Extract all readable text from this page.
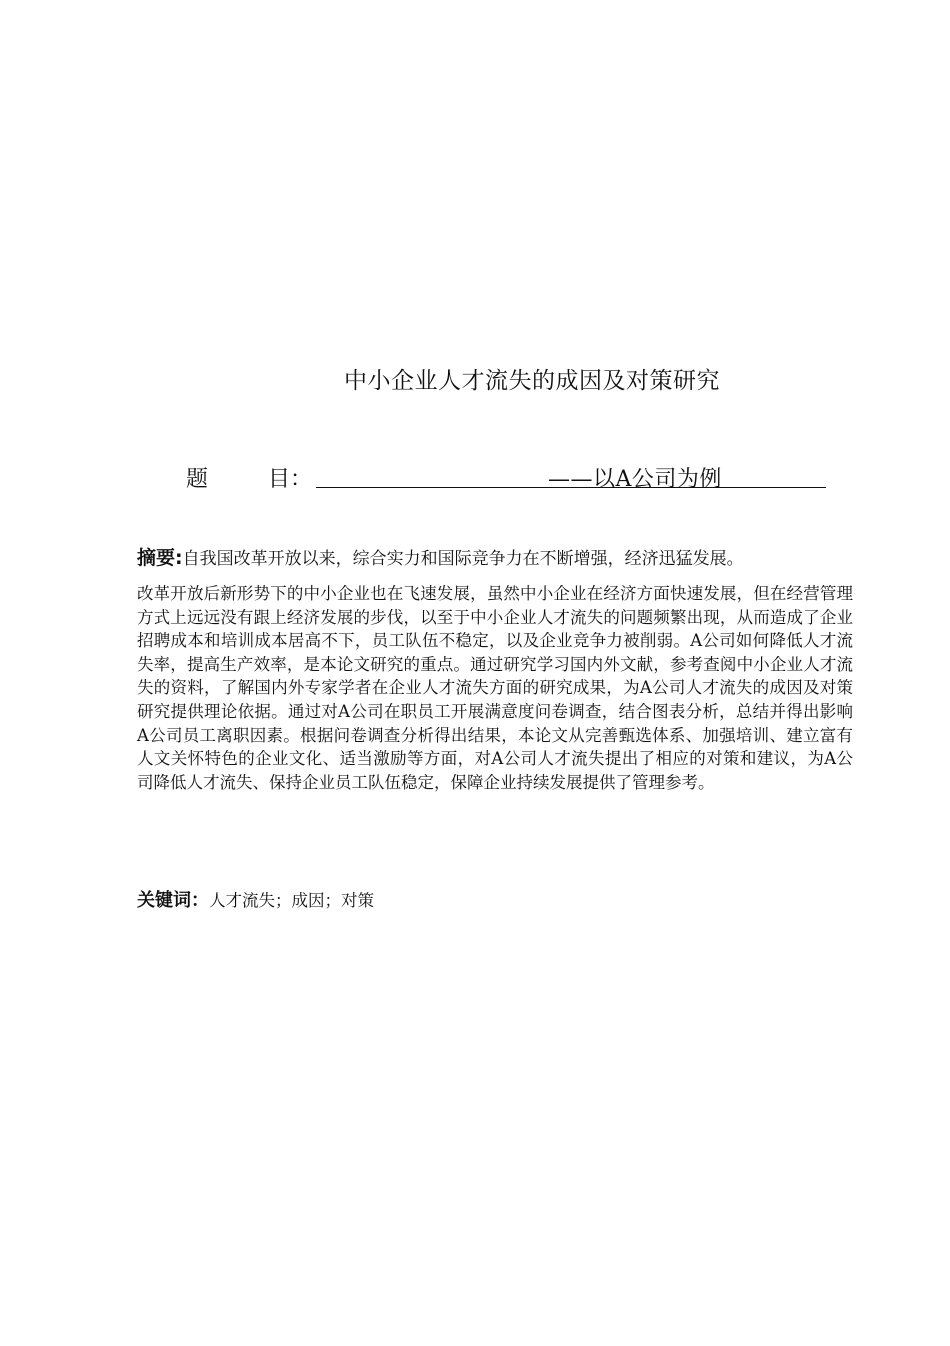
中小企业人才流失的成因及对策研究
题	目：	——以A公司为例
摘要:自我国改革开放以来，综合实力和国际竞争力在不断增强，经济迅猛发展。

改革开放后新形势下的中小企业也在飞速发展，虽然中小企业在经济方面快速发展，但在经营管理方式上远远没有跟上经济发展的步伐，以至于中小企业人才流失的问题频繁出现，从而造成了企业招聘成本和培训成本居高不下，员工队伍不稳定，以及企业竞争力被削弱。A公司如何降低人才流失率，提高生产效率，是本论文研究的重点。通过研究学习国内外文献，参考查阅中小企业人才流失的资料，了解国内外专家学者在企业人才流失方面的研究成果，为A公司人才流失的成因及对策研究提供理论依据。通过对A公司在职员工开展满意度问卷调查，结合图表分析，总结并得出影响A公司员工离职因素。根据问卷调查分析得出结果，本论文从完善甄选体系、加强培训、建立富有人文关怀特色的企业文化、适当激励等方面，对A公司人才流失提出了相应的对策和建议，为A公司降低人才流失、保持企业员工队伍稳定，保障企业持续发展提供了管理参考。

关键词：人才流失；成因；对策
